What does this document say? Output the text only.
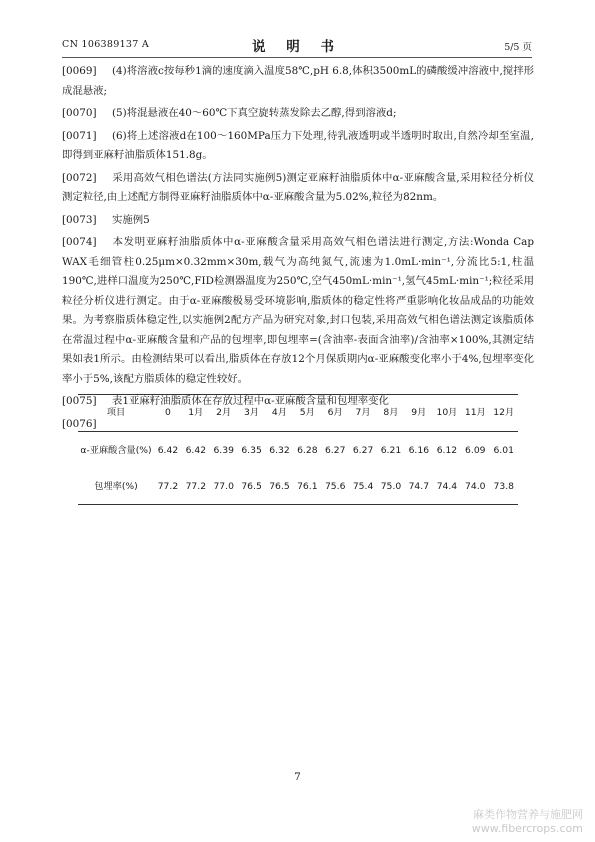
CN 106389137 A	说 明 书	5/5 页

[0069] (4)将溶液c按每秒1滴的速度滴入温度58℃,pH 6.8,体积3500mL的磷酸缓冲溶液中,搅拌形成混悬液;

[0070] (5)将混悬液在40～60℃下真空旋转蒸发除去乙醇,得到溶液d;

[0071] (6)将上述溶液d在100～160MPa压力下处理,待乳液透明或半透明时取出,自然冷却至室温,即得到亚麻籽油脂质体151.8g。

[0072] 采用高效气相色谱法(方法同实施例5)测定亚麻籽油脂质体中α-亚麻酸含量,采用粒径分析仪测定粒径,由上述配方制得亚麻籽油脂质体中α-亚麻酸含量为5.02%,粒径为82nm。

[0073] 实施例5

[0074] 本发明亚麻籽油脂质体中α-亚麻酸含量采用高效气相色谱法进行测定,方法:Wonda Cap WAX毛细管柱0.25μm×0.32mm×30m,载气为高纯氮气,流速为1.0mL·min⁻¹,分流比5:1,柱温190℃,进样口温度为250℃,FID检测器温度为250℃,空气450mL·min⁻¹,氢气45mL·min⁻¹;粒径采用粒径分析仪进行测定。由于α-亚麻酸极易受环境影响,脂质体的稳定性将严重影响化妆品成品的功能效果。为考察脂质体稳定性,以实施例2配方产品为研究对象,封口包装,采用高效气相色谱法测定该脂质体在常温过程中α-亚麻酸含量和产品的包埋率,即包埋率=(含油率-表面含油率)/含油率×100%,其测定结果如表1所示。由检测结果可以看出,脂质体在存放12个月保质期内α-亚麻酸变化率小于4%,包埋率变化率小于5%,该配方脂质体的稳定性较好。

[0075] 表1亚麻籽油脂质体在存放过程中α-亚麻酸含量和包埋率变化

[0076]

项目	0	1月	2月	3月	4月	5月	6月	7月	8月	9月	10月	11月	12月
α-亚麻酸含量(%)	6.42	6.42	6.39	6.35	6.32	6.28	6.27	6.27	6.21	6.16	6.12	6.09	6.01
包埋率(%)	77.2	77.2	77.0	76.5	76.5	76.1	75.6	75.4	75.0	74.7	74.4	74.0	73.8
7
麻类作物营养与施肥网
www.fibercrops.com
